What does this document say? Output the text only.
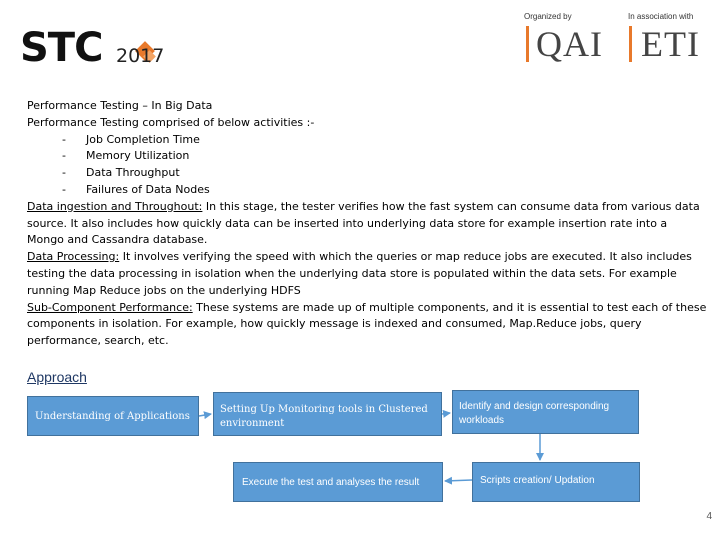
STC 2017
Organized by
QAI
In association with
ETI

Performance Testing – In Big Data

Performance Testing comprised of below activities :-

- Job Completion Time

- Memory Utilization

- Data Throughput

- Failures of Data Nodes

Data ingestion and Throughout: In this stage, the tester verifies how the fast system can consume data from various data source. It also includes how quickly data can be inserted into underlying data store for example insertion rate into a Mongo and Cassandra database.

Data Processing: It involves verifying the speed with which the queries or map reduce jobs are executed. It also includes testing the data processing in isolation when the underlying data store is populated within the data sets. For example running Map Reduce jobs on the underlying HDFS

Sub-Component Performance: These systems are made up of multiple components, and it is essential to test each of these components in isolation. For example, how quickly message is indexed and consumed, Map.Reduce jobs, query performance, search, etc.

Approach
Understanding of Applications
Setting Up Monitoring tools in Clustered environment
Identify and design corresponding workloads
Execute the test and analyses the result	Scripts creation/ Updation
4
